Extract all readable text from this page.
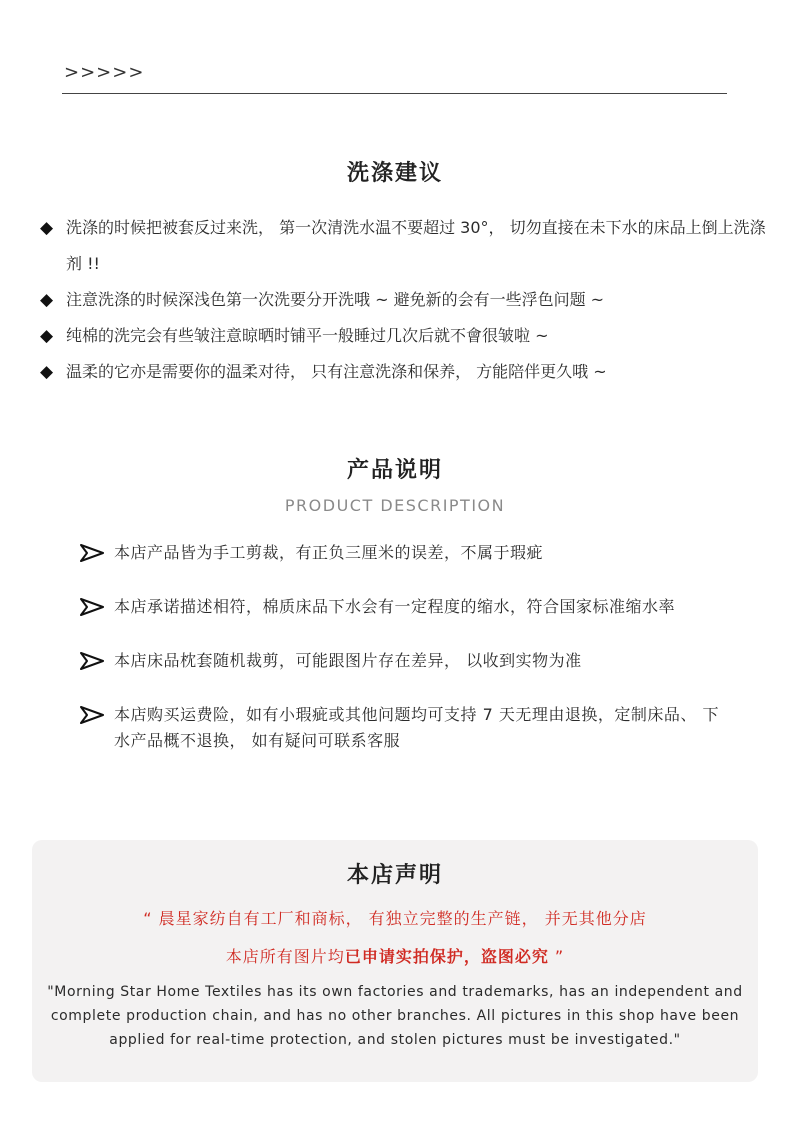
>>>>>
洗涤建议
◆ 洗涤的时候把被套反过来洗， 第一次清洗水温不要超过 30°， 切勿直接在未下水的床品上倒上洗涤剂 !!
◆ 注意洗涤的时候深浅色第一次洗要分开洗哦 ~ 避免新的会有一些浮色问题 ~
◆ 纯棉的洗完会有些皱注意晾晒时铺平一般睡过几次后就不會很皱啦 ~
◆ 温柔的它亦是需要你的温柔对待， 只有注意洗涤和保养， 方能陪伴更久哦 ~
产品说明
PRODUCT DESCRIPTION
本店产品皆为手工剪裁，有正负三厘米的误差，不属于瑕疵
本店承诺描述相符，棉质床品下水会有一定程度的缩水，符合国家标准缩水率
本店床品枕套随机裁剪，可能跟图片存在差异， 以收到实物为准
本店购买运费险，如有小瑕疵或其他问题均可支持 7 天无理由退换，定制床品、 下水产品概不退换， 如有疑问可联系客服
本店声明
“ 晨星家纺自有工厂和商标， 有独立完整的生产链， 并无其他分店
本店所有图片均已申请实拍保护，盗图必究 ”
"Morning Star Home Textiles has its own factories and trademarks, has an independent and complete production chain, and has no other branches. All pictures in this shop have been applied for real-time protection, and stolen pictures must be investigated."
